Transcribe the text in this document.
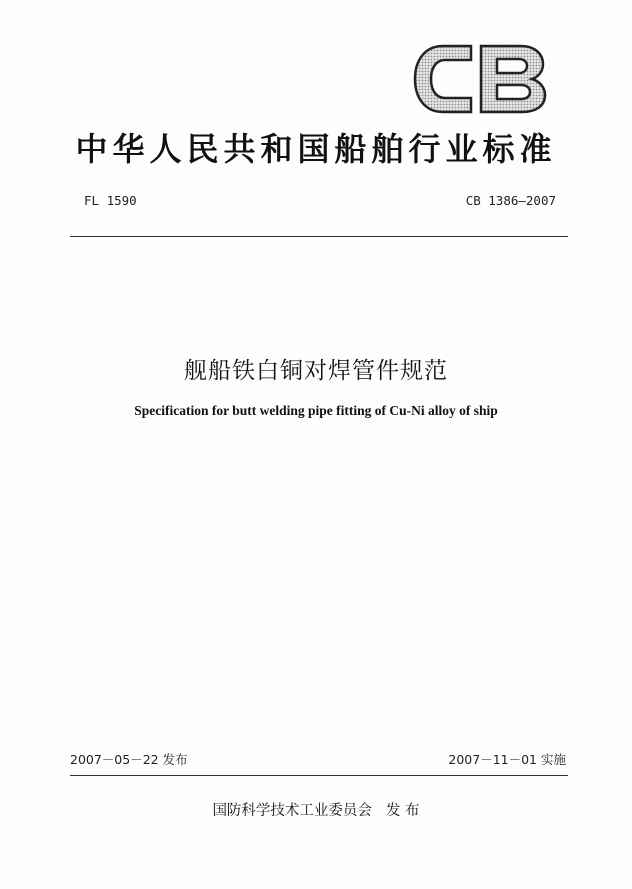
中华人民共和国船舶行业标准
FL 1590	CB 1386—2007
舰船铁白铜对焊管件规范
Specification for butt welding pipe fitting of Cu-Ni alloy of ship
2007－05－22 发布	2007－11－01 实施
国防科学技术工业委员会 发 布
